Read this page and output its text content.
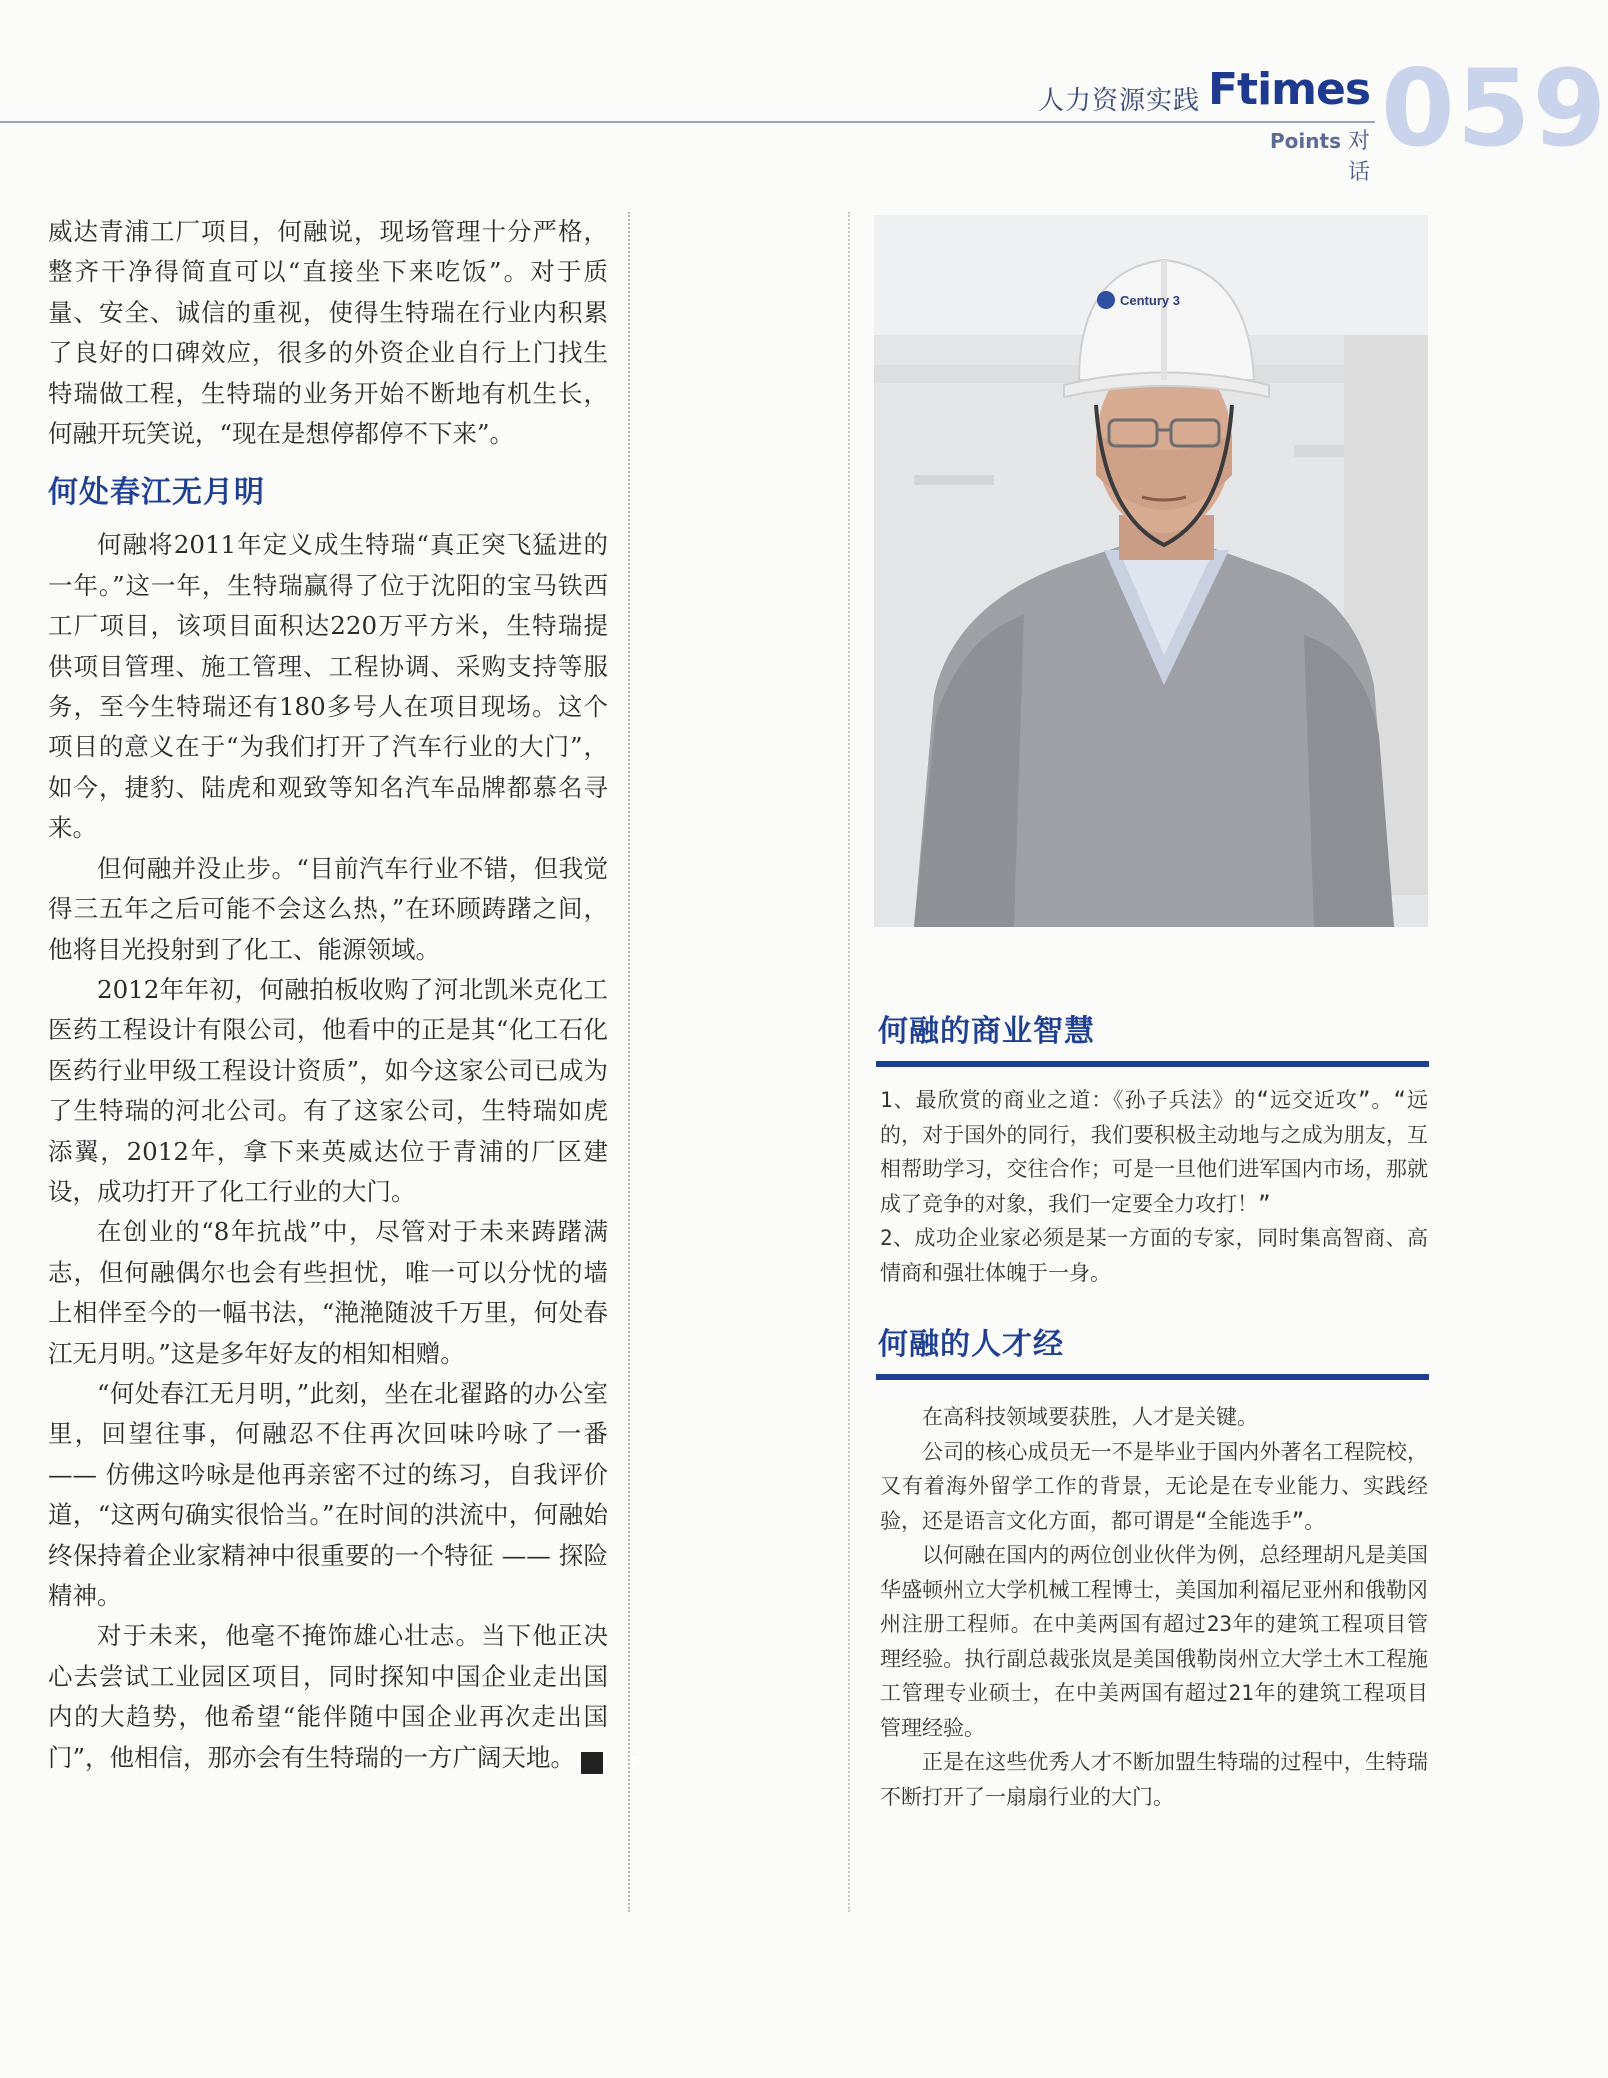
人力资源实践 Ftimes
Points 对话
059

威达青浦工厂项目，何融说，现场管理十分严格，整齐干净得简直可以“直接坐下来吃饭”。对于质量、安全、诚信的重视，使得生特瑞在行业内积累了良好的口碑效应，很多的外资企业自行上门找生特瑞做工程，生特瑞的业务开始不断地有机生长，何融开玩笑说，“现在是想停都停不下来”。

何处春江无月明

何融将2011年定义成生特瑞“真正突飞猛进的一年。”这一年，生特瑞赢得了位于沈阳的宝马铁西工厂项目，该项目面积达220万平方米，生特瑞提供项目管理、施工管理、工程协调、采购支持等服务，至今生特瑞还有180多号人在项目现场。这个项目的意义在于“为我们打开了汽车行业的大门”，如今，捷豹、陆虎和观致等知名汽车品牌都慕名寻来。

但何融并没止步。“目前汽车行业不错，但我觉得三五年之后可能不会这么热，”在环顾踌躇之间，他将目光投射到了化工、能源领域。

2012年年初，何融拍板收购了河北凯米克化工医药工程设计有限公司，他看中的正是其“化工石化医药行业甲级工程设计资质”，如今这家公司已成为了生特瑞的河北公司。有了这家公司，生特瑞如虎添翼，2012年，拿下来英威达位于青浦的厂区建设，成功打开了化工行业的大门。

在创业的“8年抗战”中，尽管对于未来踌躇满志，但何融偶尔也会有些担忧，唯一可以分忧的墙上相伴至今的一幅书法，“滟滟随波千万里，何处春江无月明。”这是多年好友的相知相赠。

“何处春江无月明，”此刻，坐在北翟路的办公室里，回望往事，何融忍不住再次回味吟咏了一番 —— 仿佛这吟咏是他再亲密不过的练习，自我评价道，“这两句确实很恰当。”在时间的洪流中，何融始终保持着企业家精神中很重要的一个特征 —— 探险精神。

对于未来，他毫不掩饰雄心壮志。当下他正决心去尝试工业园区项目，同时探知中国企业走出国内的大趋势，他希望“能伴随中国企业再次走出国门”，他相信，那亦会有生特瑞的一方广阔天地。	F

Century 3
何融的商业智慧

1、最欣赏的商业之道：《孙子兵法》的“远交近攻”。“远的，对于国外的同行，我们要积极主动地与之成为朋友，互相帮助学习，交往合作；可是一旦他们进军国内市场，那就成了竞争的对象，我们一定要全力攻打！”

2、成功企业家必须是某一方面的专家，同时集高智商、高情商和强壮体魄于一身。

何融的人才经

在高科技领域要获胜，人才是关键。

公司的核心成员无一不是毕业于国内外著名工程院校，又有着海外留学工作的背景，无论是在专业能力、实践经验，还是语言文化方面，都可谓是“全能选手”。

以何融在国内的两位创业伙伴为例，总经理胡凡是美国华盛顿州立大学机械工程博士，美国加利福尼亚州和俄勒冈州注册工程师。在中美两国有超过23年的建筑工程项目管理经验。执行副总裁张岚是美国俄勒岗州立大学土木工程施工管理专业硕士，在中美两国有超过21年的建筑工程项目管理经验。

正是在这些优秀人才不断加盟生特瑞的过程中，生特瑞不断打开了一扇扇行业的大门。
